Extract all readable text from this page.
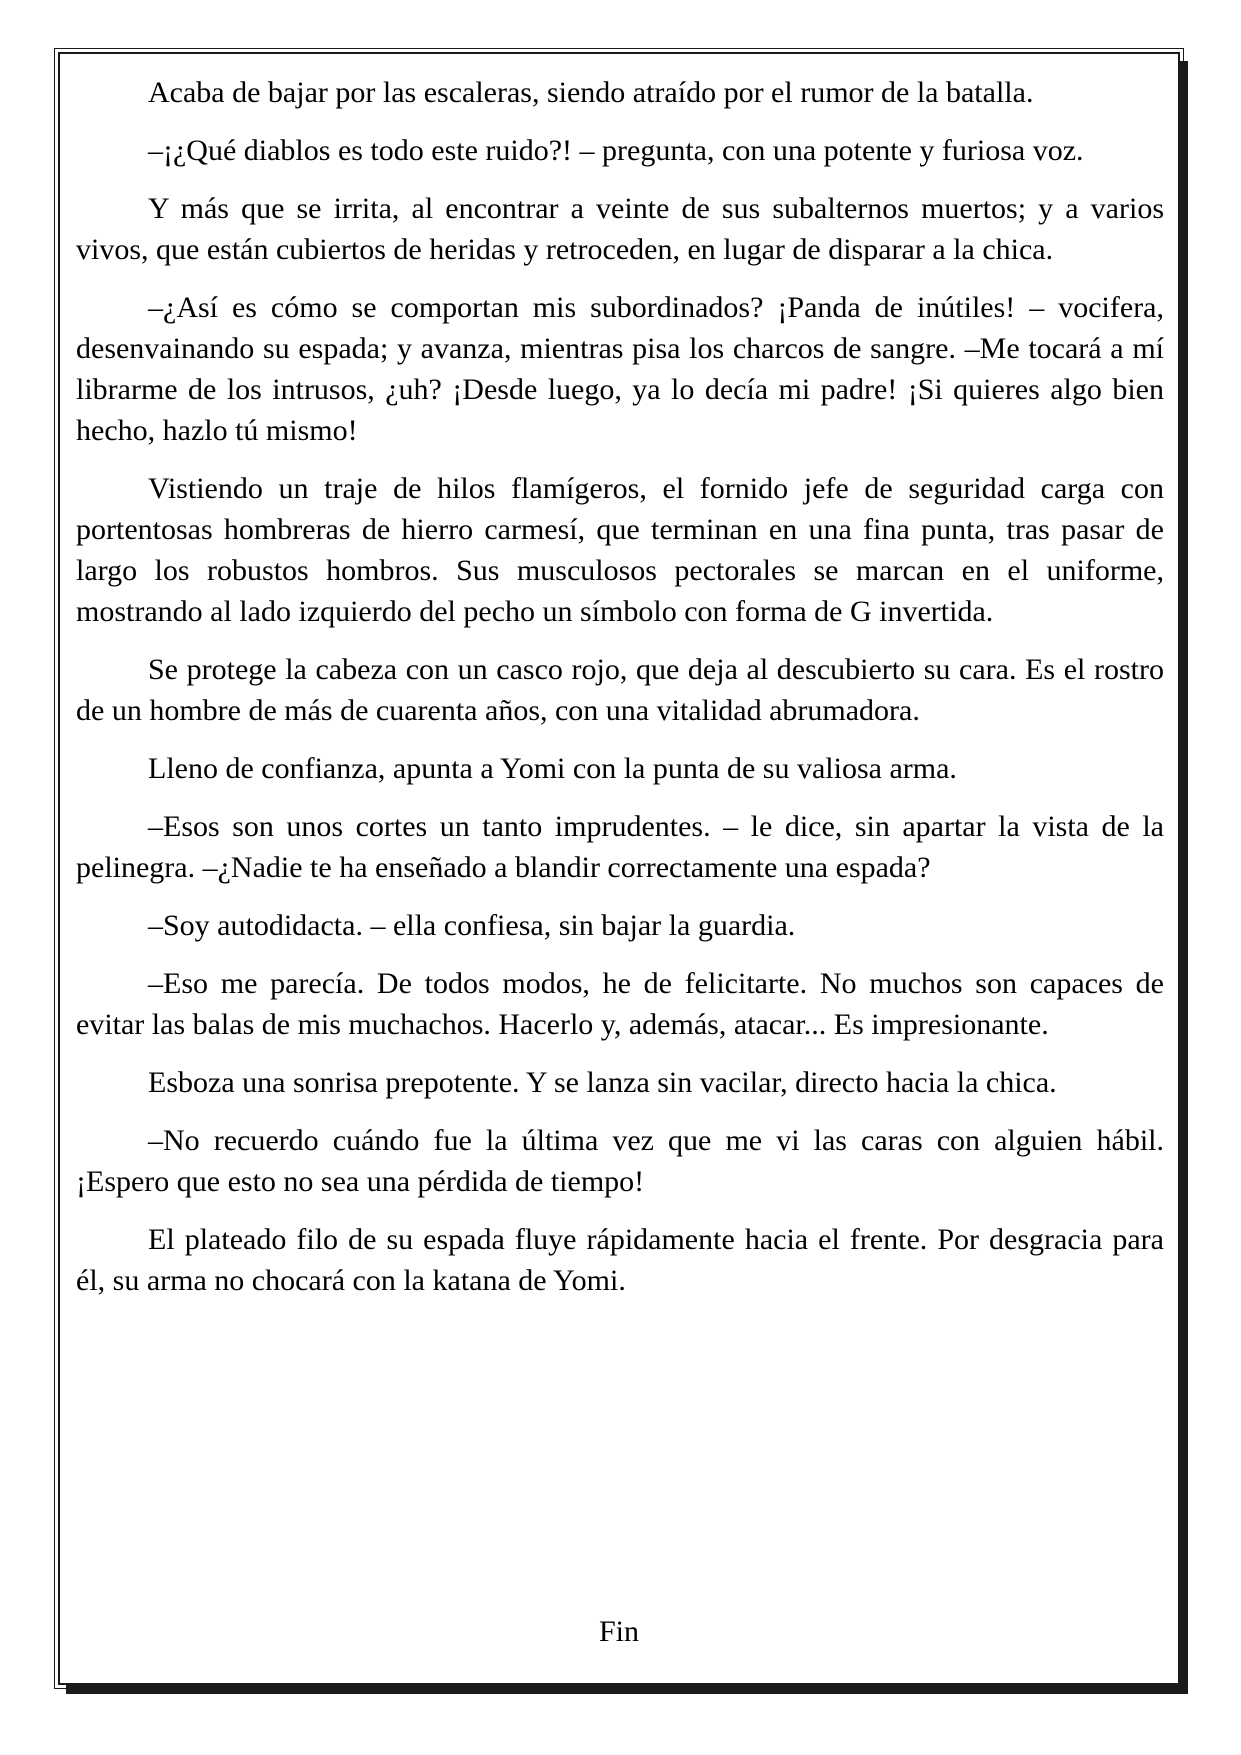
Acaba de bajar por las escaleras, siendo atraído por el rumor de la batalla.

–¡¿Qué diablos es todo este ruido?! – pregunta, con una potente y furiosa voz.

Y más que se irrita, al encontrar a veinte de sus subalternos muertos; y a varios vivos, que están cubiertos de heridas y retroceden, en lugar de disparar a la chica.

–¿Así es cómo se comportan mis subordinados? ¡Panda de inútiles! – vocifera, desenvainando su espada; y avanza, mientras pisa los charcos de sangre. –Me tocará a mí librarme de los intrusos, ¿uh? ¡Desde luego, ya lo decía mi padre! ¡Si quieres algo bien hecho, hazlo tú mismo!

Vistiendo un traje de hilos flamígeros, el fornido jefe de seguridad carga con portentosas hombreras de hierro carmesí, que terminan en una fina punta, tras pasar de largo los robustos hombros. Sus musculosos pectorales se marcan en el uniforme, mostrando al lado izquierdo del pecho un símbolo con forma de G invertida.

Se protege la cabeza con un casco rojo, que deja al descubierto su cara. Es el rostro de un hombre de más de cuarenta años, con una vitalidad abrumadora.

Lleno de confianza, apunta a Yomi con la punta de su valiosa arma.

–Esos son unos cortes un tanto imprudentes. – le dice, sin apartar la vista de la pelinegra. –¿Nadie te ha enseñado a blandir correctamente una espada?

–Soy autodidacta. – ella confiesa, sin bajar la guardia.

–Eso me parecía. De todos modos, he de felicitarte. No muchos son capaces de evitar las balas de mis muchachos. Hacerlo y, además, atacar... Es impresionante.

Esboza una sonrisa prepotente. Y se lanza sin vacilar, directo hacia la chica.

–No recuerdo cuándo fue la última vez que me vi las caras con alguien hábil. ¡Espero que esto no sea una pérdida de tiempo!

El plateado filo de su espada fluye rápidamente hacia el frente. Por desgracia para él, su arma no chocará con la katana de Yomi.

Fin
